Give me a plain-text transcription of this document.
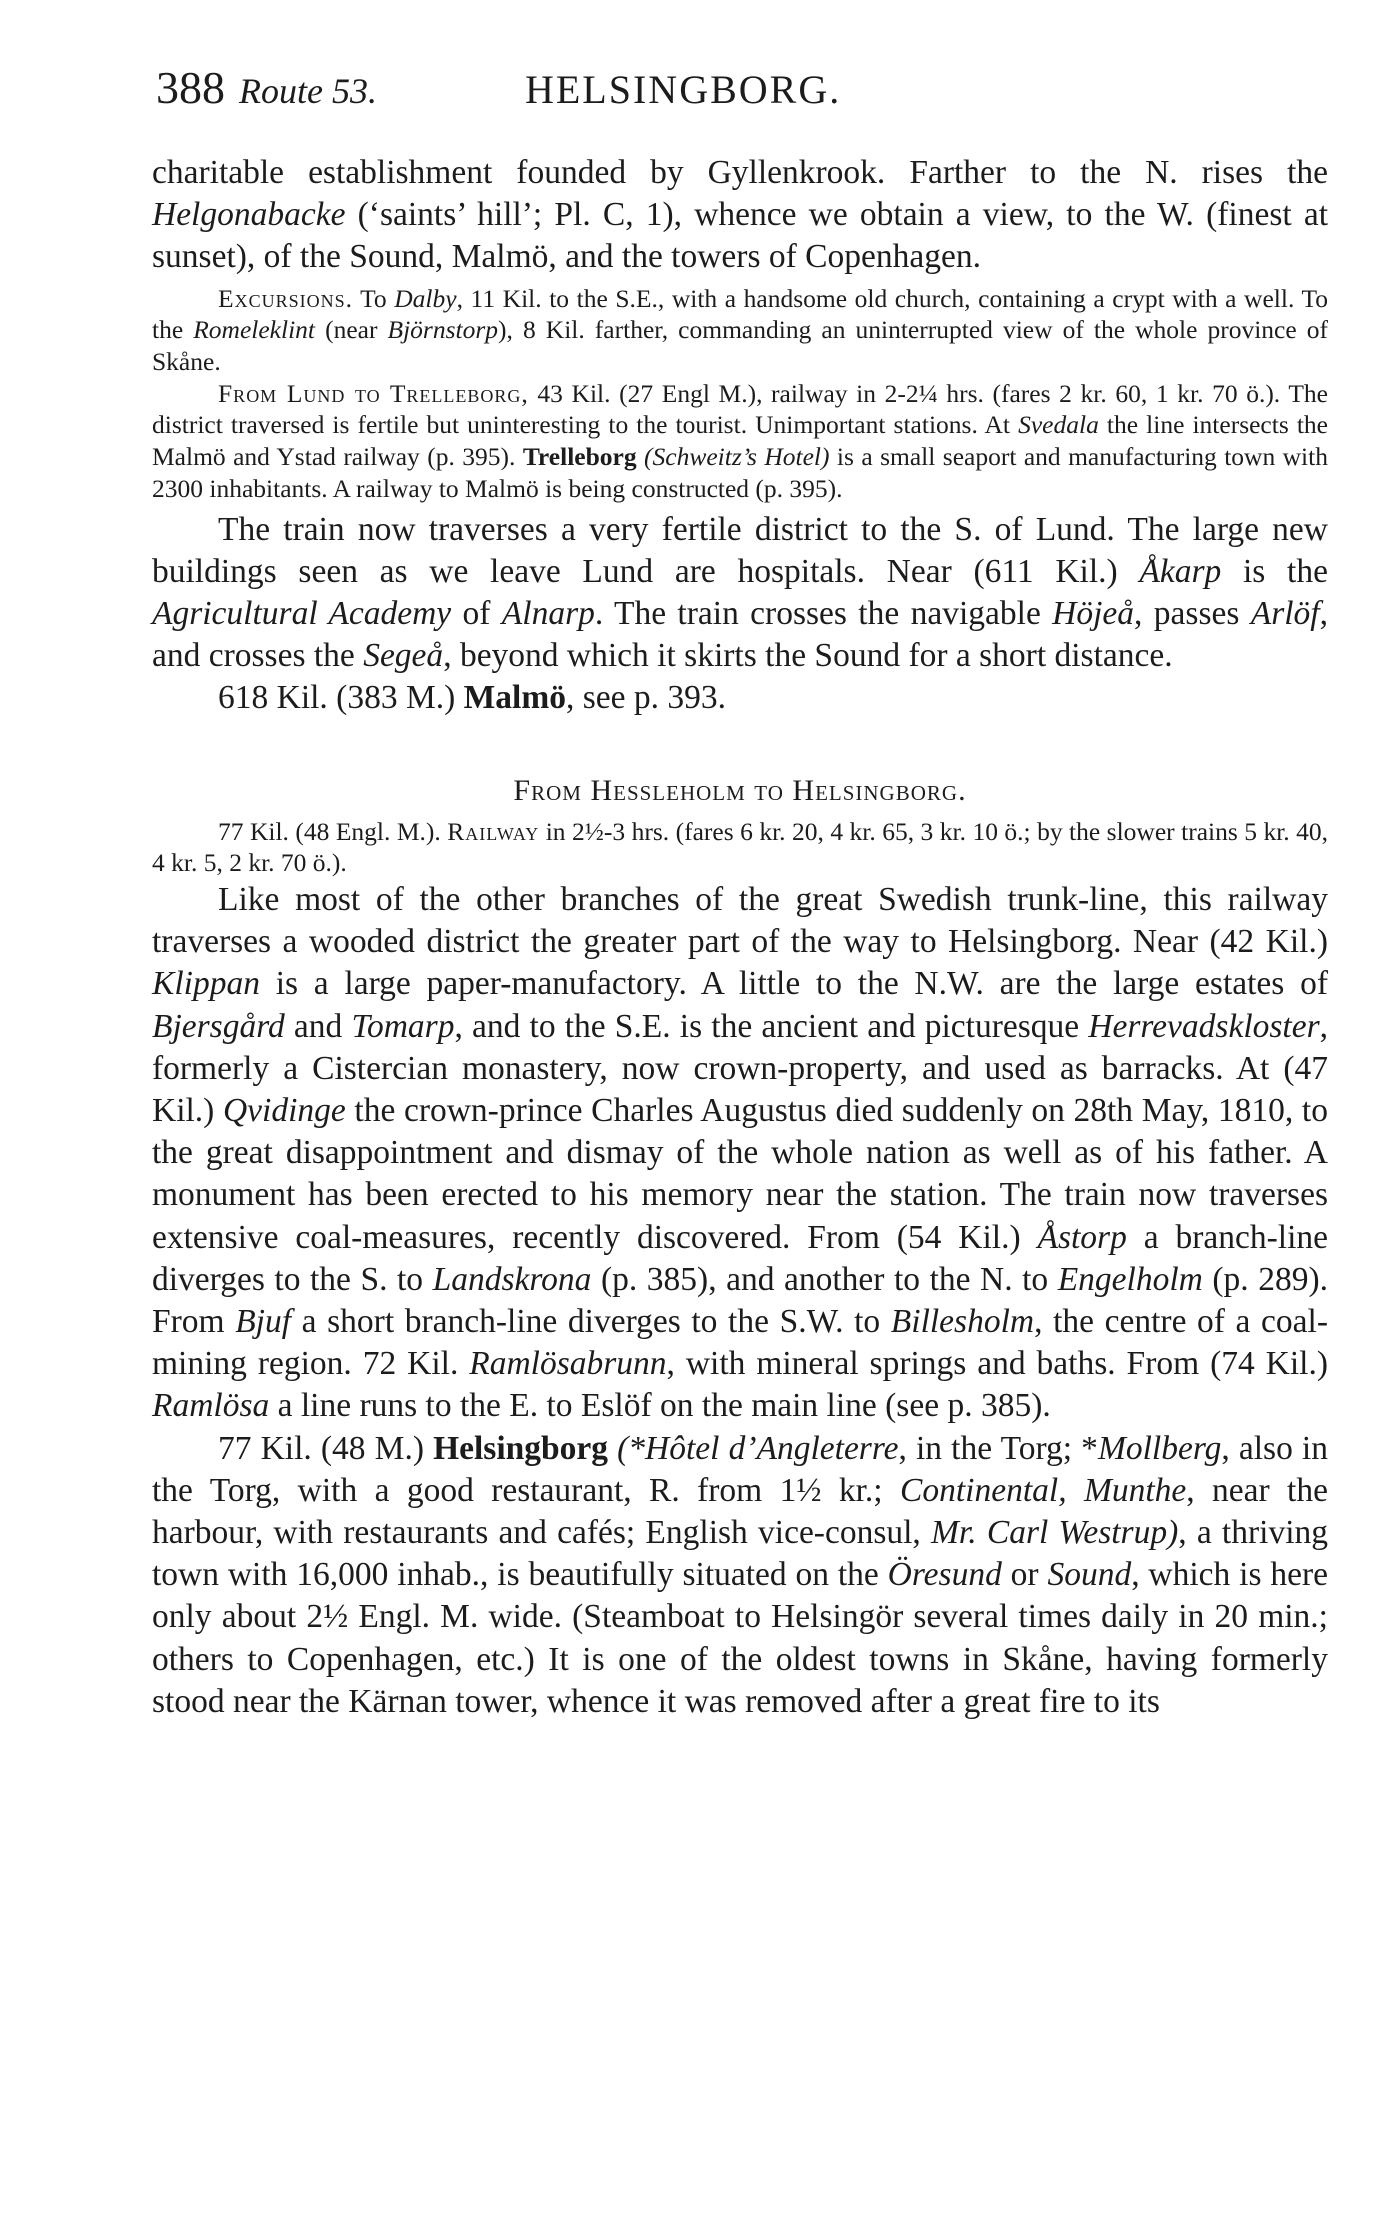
388 Route 53.	HELSINGBORG.

charitable establishment founded by Gyllenkrook. Farther to the N. rises the Helgonabacke (‘saints’ hill’; Pl. C, 1), whence we obtain a view, to the W. (finest at sunset), of the Sound, Malmö, and the towers of Copenhagen.

Excursions. To Dalby, 11 Kil. to the S.E., with a handsome old church, containing a crypt with a well. To the Romeleklint (near Björnstorp), 8 Kil. farther, commanding an uninterrupted view of the whole province of Skåne.

From Lund to Trelleborg, 43 Kil. (27 Engl M.), railway in 2-2¼ hrs. (fares 2 kr. 60, 1 kr. 70 ö.). The district traversed is fertile but uninteresting to the tourist. Unimportant stations. At Svedala the line intersects the Malmö and Ystad railway (p. 395). Trelleborg (Schweitz’s Hotel) is a small seaport and manufacturing town with 2300 inhabitants. A railway to Malmö is being constructed (p. 395).

The train now traverses a very fertile district to the S. of Lund. The large new buildings seen as we leave Lund are hospitals. Near (611 Kil.) Åkarp is the Agricultural Academy of Alnarp. The train crosses the navigable Höjeå, passes Arlöf, and crosses the Segeå, beyond which it skirts the Sound for a short distance.

618 Kil. (383 M.) Malmö, see p. 393.

From Hessleholm to Helsingborg.

77 Kil. (48 Engl. M.). Railway in 2½-3 hrs. (fares 6 kr. 20, 4 kr. 65, 3 kr. 10 ö.; by the slower trains 5 kr. 40, 4 kr. 5, 2 kr. 70 ö.).

Like most of the other branches of the great Swedish trunk-line, this railway traverses a wooded district the greater part of the way to Helsingborg. Near (42 Kil.) Klippan is a large paper-manufactory. A little to the N.W. are the large estates of Bjersgård and Tomarp, and to the S.E. is the ancient and picturesque Herrevadskloster, formerly a Cistercian monastery, now crown-property, and used as barracks. At (47 Kil.) Qvidinge the crown-prince Charles Augustus died suddenly on 28th May, 1810, to the great disappointment and dismay of the whole nation as well as of his father. A monument has been erected to his memory near the station. The train now traverses extensive coal-measures, recently discovered. From (54 Kil.) Åstorp a branch-line diverges to the S. to Landskrona (p. 385), and another to the N. to Engelholm (p. 289). From Bjuf a short branch-line diverges to the S.W. to Billesholm, the centre of a coal-mining region. 72 Kil. Ramlösabrunn, with mineral springs and baths. From (74 Kil.) Ramlösa a line runs to the E. to Eslöf on the main line (see p. 385).

77 Kil. (48 M.) Helsingborg (*Hôtel d’Angleterre, in the Torg; *Mollberg, also in the Torg, with a good restaurant, R. from 1½ kr.; Continental, Munthe, near the harbour, with restaurants and cafés; English vice-consul, Mr. Carl Westrup), a thriving town with 16,000 inhab., is beautifully situated on the Öresund or Sound, which is here only about 2½ Engl. M. wide. (Steamboat to Helsingör several times daily in 20 min.; others to Copenhagen, etc.) It is one of the oldest towns in Skåne, having formerly stood near the Kärnan tower, whence it was removed after a great fire to its
